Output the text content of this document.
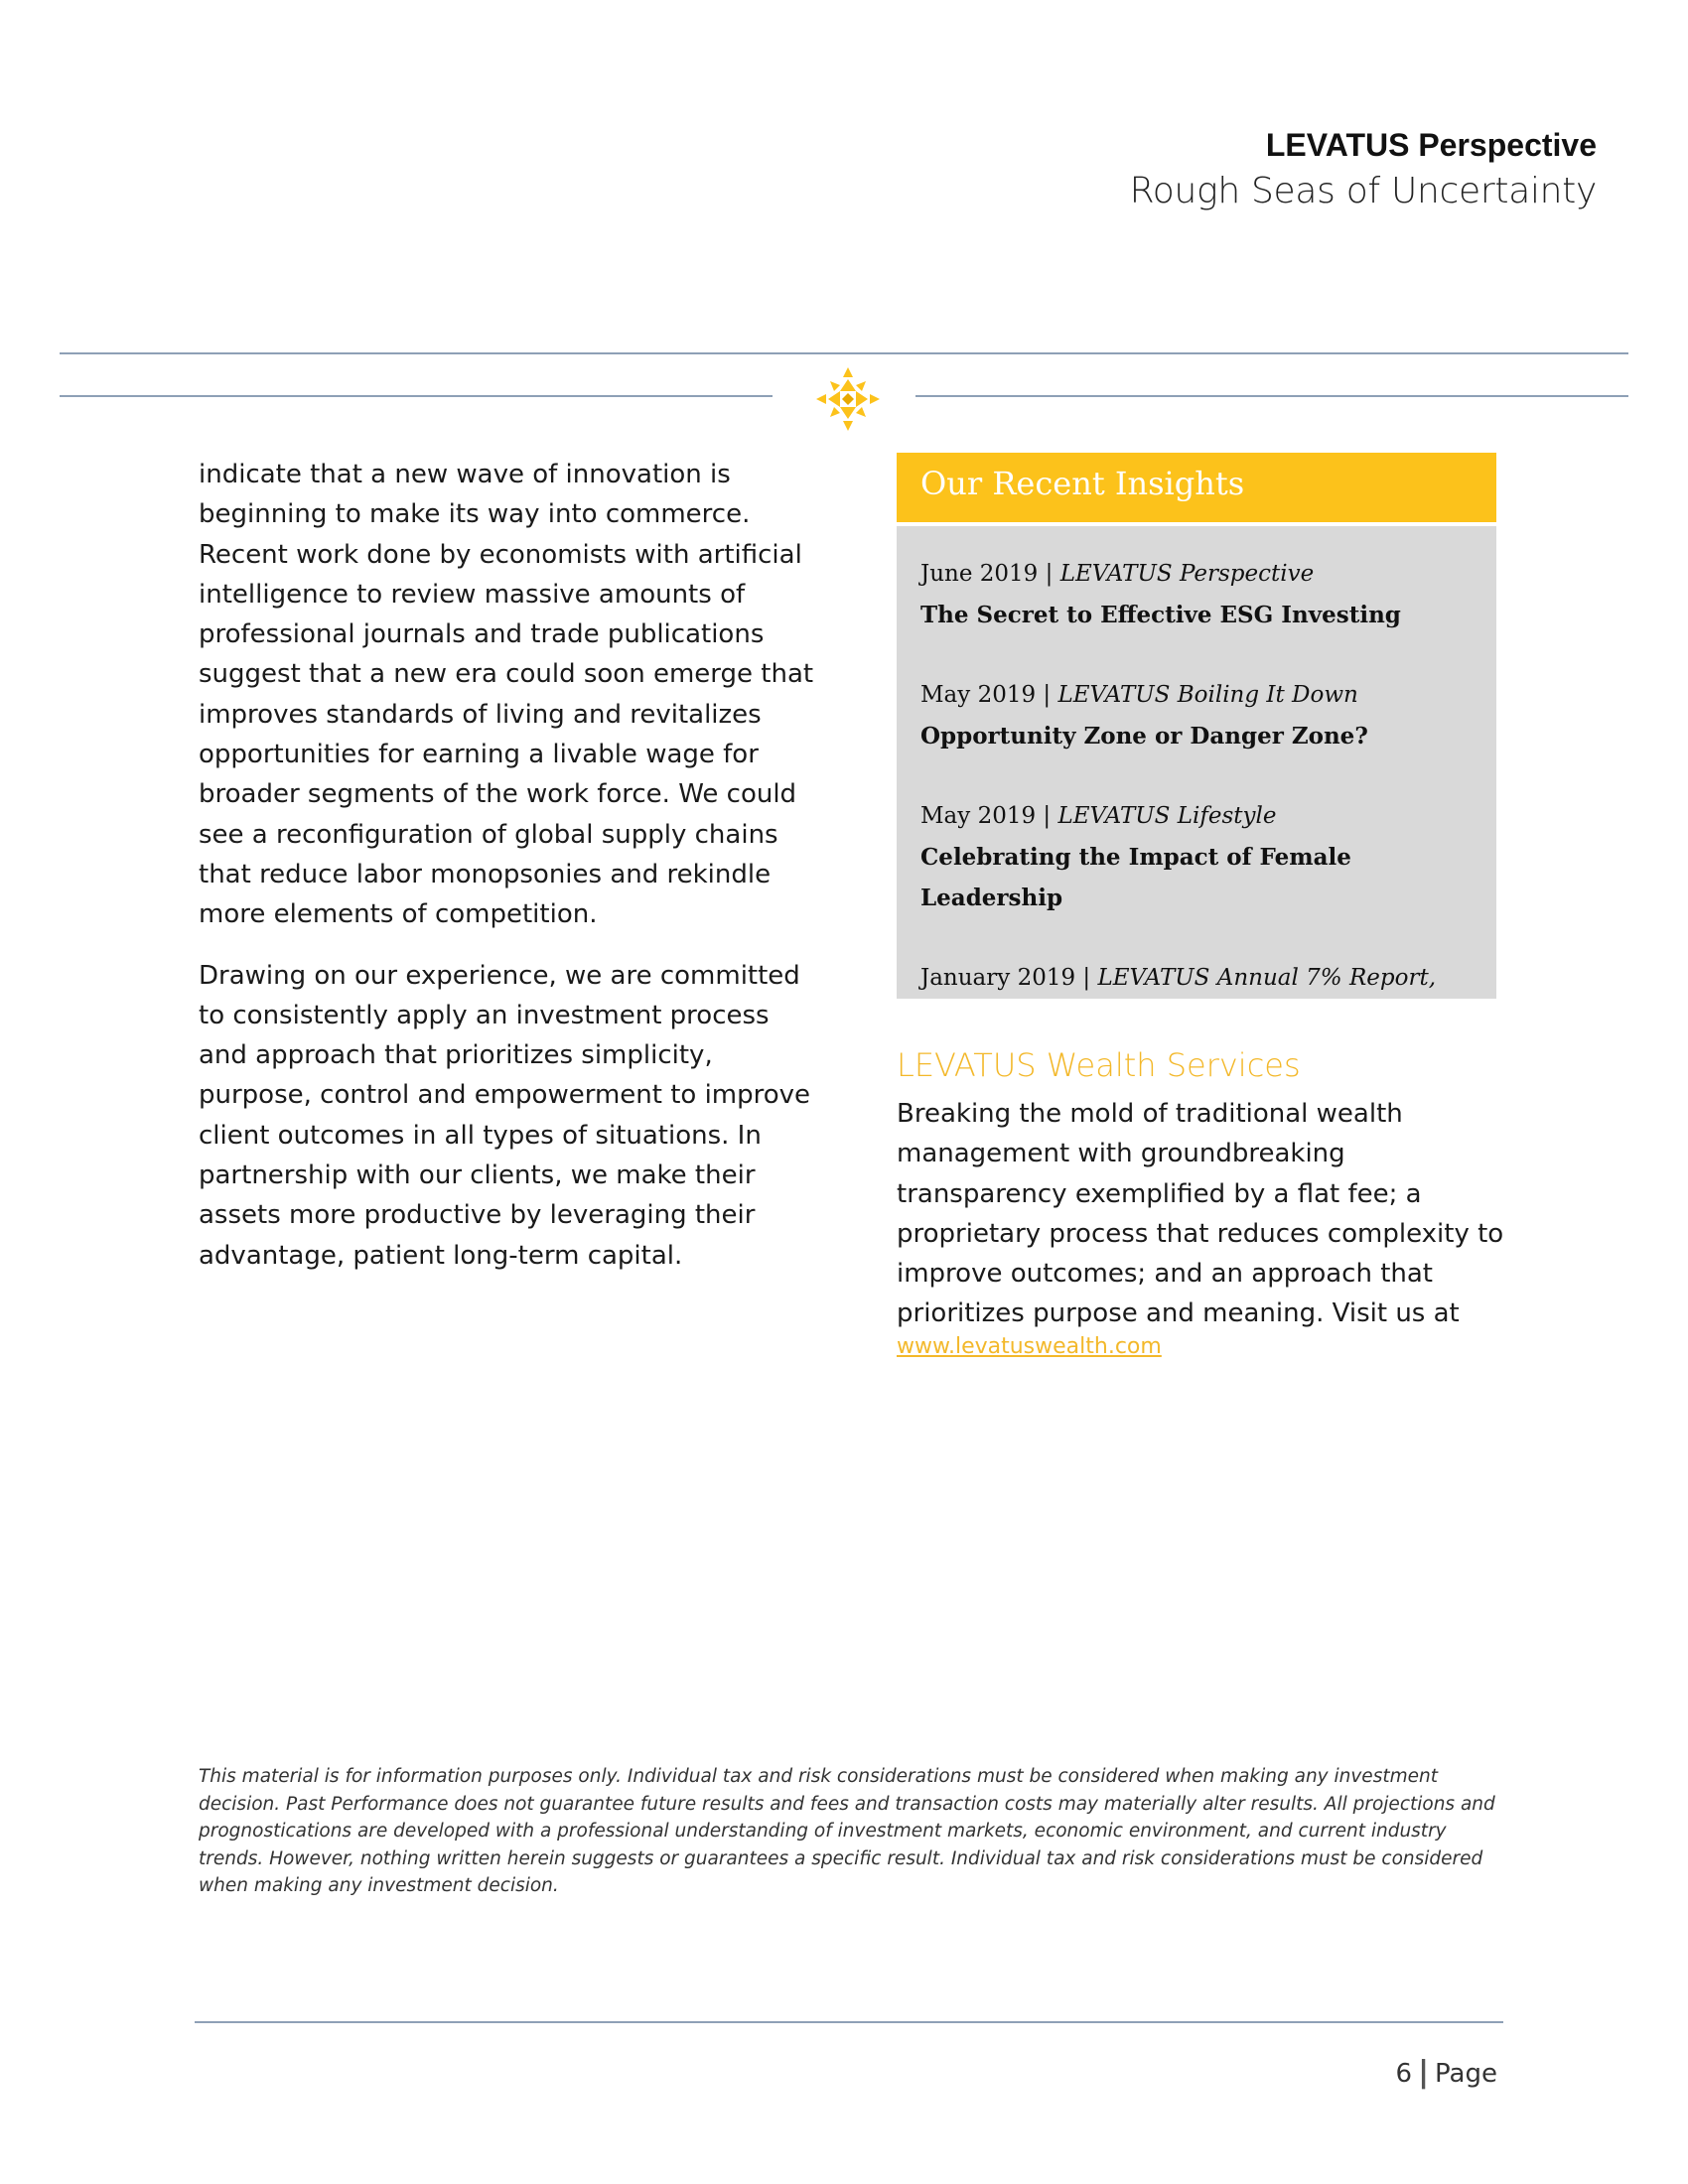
LEVATUS Perspective
Rough Seas of Uncertainty

indicate that a new wave of innovation is beginning to make its way into commerce. Recent work done by economists with artificial intelligence to review massive amounts of professional journals and trade publications suggest that a new era could soon emerge that improves standards of living and revitalizes opportunities for earning a livable wage for broader segments of the work force. We could see a reconfiguration of global supply chains that reduce labor monopsonies and rekindle more elements of competition.

Drawing on our experience, we are committed to consistently apply an investment process and approach that prioritizes simplicity, purpose, control and empowerment to improve client outcomes in all types of situations. In partnership with our clients, we make their assets more productive by leveraging their advantage, patient long-term capital.

Our Recent Insights
June 2019 | LEVATUS Perspective
The Secret to Effective ESG Investing
May 2019 | LEVATUS Boiling It Down
Opportunity Zone or Danger Zone?
May 2019 | LEVATUS Lifestyle
Celebrating the Impact of Female Leadership
January 2019 | LEVATUS Annual 7% Report,
LEVATUS Wealth Services
Breaking the mold of traditional wealth management with groundbreaking transparency exemplified by a flat fee; a proprietary process that reduces complexity to improve outcomes; and an approach that prioritizes purpose and meaning. Visit us at
www.levatuswealth.com
This material is for information purposes only. Individual tax and risk considerations must be considered when making any investment decision. Past Performance does not guarantee future results and fees and transaction costs may materially alter results. All projections and prognostications are developed with a professional understanding of investment markets, economic environment, and current industry trends. However, nothing written herein suggests or guarantees a specific result. Individual tax and risk considerations must be considered when making any investment decision.
6 | Page
